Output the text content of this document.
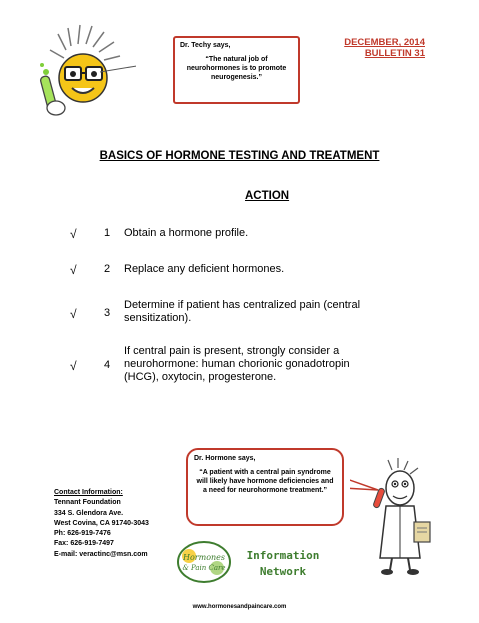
Dr. Techy says,
“The natural job of neurohormones is to promote neurogenesis.”
DECEMBER, 2014
BULLETIN 31
BASICS OF HORMONE TESTING AND TREATMENT
ACTION
√ 1 Obtain a hormone profile.
√ 2 Replace any deficient hormones.
√ 3
Determine if patient has centralized pain (central sensitization).
√ 4
If central pain is present, strongly consider a neurohormone: human chorionic gonadotropin (HCG), oxytocin, progesterone.
Contact Information:
Tennant Foundation
334 S. Glendora Ave.
West Covina, CA 91740-3043
Ph: 626-919-7476
Fax: 626-919-7497
E-mail: veractinc@msn.com
Dr. Hormone says,
“A patient with a central pain syndrome will likely have hormone deficiencies and a need for neurohormone treatment.”
Hormones
& Pain Care
Information
Network
www.hormonesandpaincare.com
